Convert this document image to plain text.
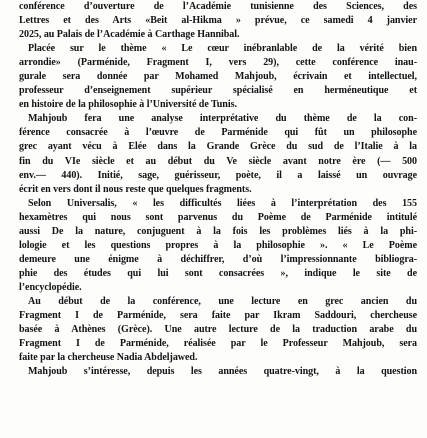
conférence d’ouverture de l’Académie tunisienne des Sciences, des
Lettres et des Arts «Beit al-Hikma » prévue, ce samedi 4 janvier
2025, au Palais de l’Académie à Carthage Hannibal.
Placée sur le thème « Le cœur inébranlable de la vérité bien
arrondie» (Parménide, Fragment I, vers 29), cette conférence inau-
gurale sera donnée par Mohamed Mahjoub, écrivain et intellectuel,
professeur d’enseignement supérieur spécialisé en herméneutique et
en histoire de la philosophie à l’Université de Tunis.
Mahjoub fera une analyse interprétative du thème de la con-
férence consacrée à l’œuvre de Parménide qui fût un philosophe
grec ayant vécu à Elée dans la Grande Grèce du sud de l’Italie à la
fin du VIe siècle et au début du Ve siècle avant notre ère (— 500
env.— 440). Initié, sage, guérisseur, poète, il a laissé un ouvrage
écrit en vers dont il nous reste que quelques fragments.
Selon Universalis, « les difficultés liées à l’interprétation des 155
hexamètres qui nous sont parvenus du Poème de Parménide intitulé
aussi De la nature, conjuguent à la fois les problèmes liés à la phi-
lologie et les questions propres à la philosophie ». « Le Poème
demeure une énigme à déchiffrer, d’où l’impressionnante bibliogra-
phie des études qui lui sont consacrées », indique le site de
l’encyclopédie.
Au début de la conférence, une lecture en grec ancien du
Fragment I de Parménide, sera faite par Ikram Saddouri, chercheuse
basée à Athènes (Grèce). Une autre lecture de la traduction arabe du
Fragment I de Parménide, réalisée par le Professeur Mahjoub, sera
faite par la chercheuse Nadia Abdeljawed.
Mahjoub s’intéresse, depuis les années quatre-vingt, à la question
